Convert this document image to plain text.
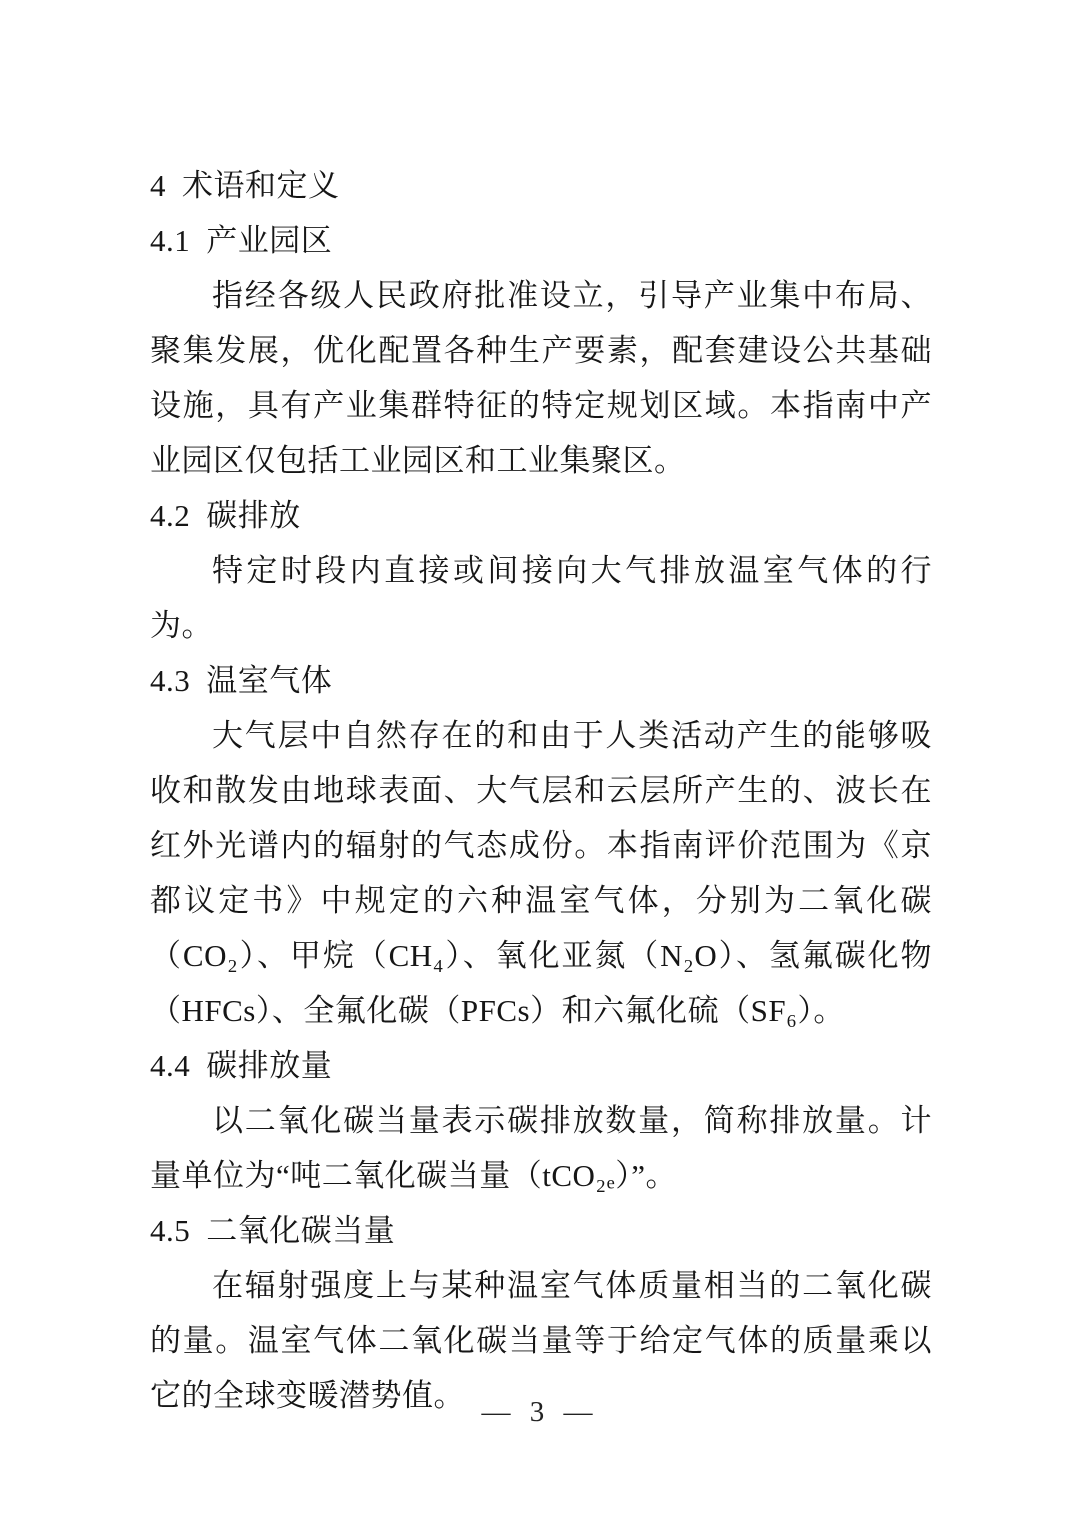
4 术语和定义
4.1 产业园区

指经各级人民政府批准设立，引导产业集中布局、聚集发展，优化配置各种生产要素，配套建设公共基础设施，具有产业集群特征的特定规划区域。本指南中产业园区仅包括工业园区和工业集聚区。

4.2 碳排放

特定时段内直接或间接向大气排放温室气体的行为。

4.3 温室气体

大气层中自然存在的和由于人类活动产生的能够吸收和散发由地球表面、大气层和云层所产生的、波长在红外光谱内的辐射的气态成份。本指南评价范围为《京都议定书》中规定的六种温室气体，分别为二氧化碳（CO₂）、甲烷（CH₄）、氧化亚氮（N₂O）、氢氟碳化物（HFCs）、全氟化碳（PFCs）和六氟化硫（SF₆）。

4.4 碳排放量

以二氧化碳当量表示碳排放数量，简称排放量。计量单位为“吨二氧化碳当量（tCO₂ₑ）”。

4.5 二氧化碳当量

在辐射强度上与某种温室气体质量相当的二氧化碳的量。温室气体二氧化碳当量等于给定气体的质量乘以它的全球变暖潜势值。 — 3 —
